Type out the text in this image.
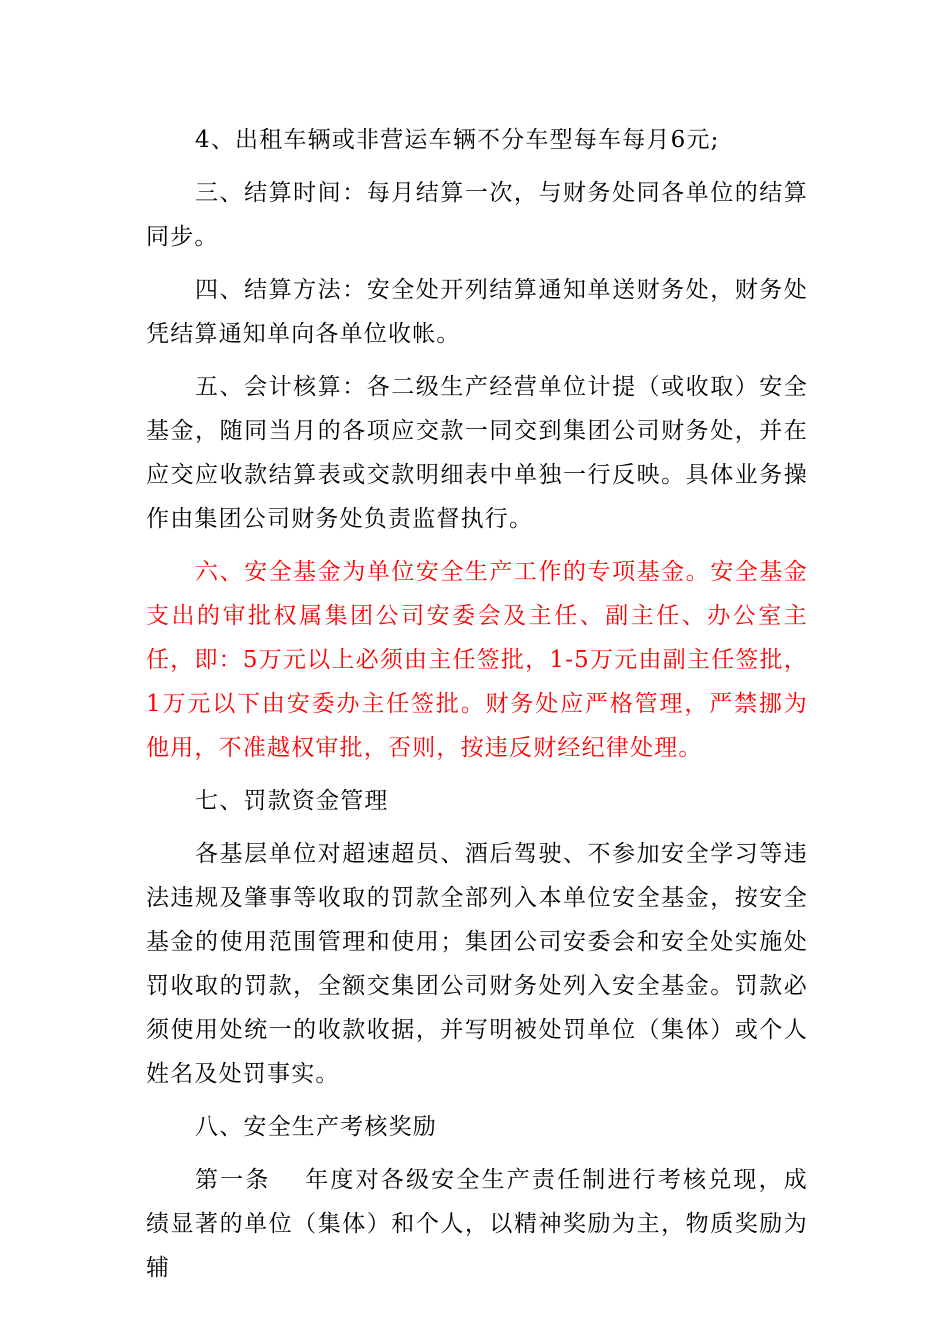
4、出租车辆或非营运车辆不分车型每车每月6元;

三、结算时间：每月结算一次，与财务处同各单位的结算同步。

四、结算方法：安全处开列结算通知单送财务处，财务处凭结算通知单向各单位收帐。

五、会计核算：各二级生产经营单位计提（或收取）安全基金，随同当月的各项应交款一同交到集团公司财务处，并在应交应收款结算表或交款明细表中单独一行反映。具体业务操作由集团公司财务处负责监督执行。

六、安全基金为单位安全生产工作的专项基金。安全基金支出的审批权属集团公司安委会及主任、副主任、办公室主任，即：5万元以上必须由主任签批，1-5万元由副主任签批，1万元以下由安委办主任签批。财务处应严格管理，严禁挪为他用，不准越权审批，否则，按违反财经纪律处理。

七、罚款资金管理

各基层单位对超速超员、酒后驾驶、不参加安全学习等违法违规及肇事等收取的罚款全部列入本单位安全基金，按安全基金的使用范围管理和使用；集团公司安委会和安全处实施处罚收取的罚款，全额交集团公司财务处列入安全基金。罚款必须使用处统一的收款收据，并写明被处罚单位（集体）或个人姓名及处罚事实。

八、安全生产考核奖励

第一条　 年度对各级安全生产责任制进行考核兑现，成绩显著的单位（集体）和个人，以精神奖励为主，物质奖励为辅
